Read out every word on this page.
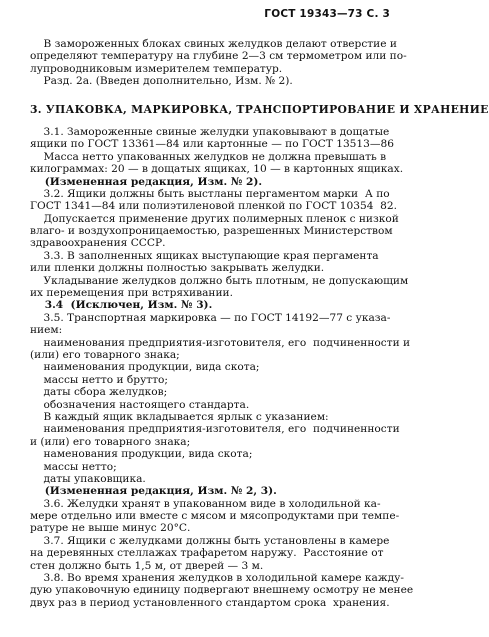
ГОСТ 19343—73 С. 3
В замороженных блоках свиных желудков делают отверстие и
определяют температуру на глубине 2—3 см термометром или по-
лупроводниковым измерителем температур.
Разд. 2а. (Введен дополнительно, Изм. № 2).
3. УПАКОВКА, МАРКИРОВКА, ТРАНСПОРТИРОВАНИЕ И ХРАНЕНИЕ
3.1. Замороженные свиные желудки упаковывают в дощатые
ящики по ГОСТ 13361—84 или картонные — по ГОСТ 13513—86
Масса нетто упакованных желудков не должна превышать в
килограммах: 20 — в дощатых ящиках, 10 — в картонных ящиках.
(Измененная редакция, Изм. № 2).
3.2. Ящики должны быть выстланы пергаментом марки  А по
ГОСТ 1341—84 или полиэтиленовой пленкой по ГОСТ 10354  82.
Допускается применение других полимерных пленок с низкой
влаго- и воздухопроницаемостью, разрешенных Министерством
здравоохранения СССР.
3.3. В заполненных ящиках выступающие края пергамента
или пленки должны полностью закрывать желудки.
Укладывание желудков должно быть плотным, не допускающим
их перемещения при встряхивании.
3.4  (Исключен, Изм. № 3).
3.5. Транспортная маркировка — по ГОСТ 14192—77 с указа-
нием:
наименования предприятия-изготовителя, его  подчиненности и
(или) его товарного знака;
наименования продукции, вида скота;
массы нетто и брутто;
даты сбора желудков;
обозначения настоящего стандарта.
В каждый ящик вкладывается ярлык с указанием:
наименования предприятия-изготовителя, его  подчиненности
и (или) его товарного знака;
наменования продукции, вида скота;
массы нетто;
даты упаковщика.
(Измененная редакция, Изм. № 2, 3).
3.6. Желудки хранят в упакованном виде в холодильной ка-
мере отдельно или вместе с мясом и мясопродуктами при темпе-
ратуре не выше минус 20°С.
3.7. Ящики с желудками должны быть установлены в камере
на деревянных стеллажах трафаретом наружу.  Расстояние от
стен должно быть 1,5 м, от дверей — 3 м.
3.8. Во время хранения желудков в холодильной камере кажду-
дую упаковочную единицу подвергают внешнему осмотру не менее
двух раз в период установленного стандартом срока  хранения.
